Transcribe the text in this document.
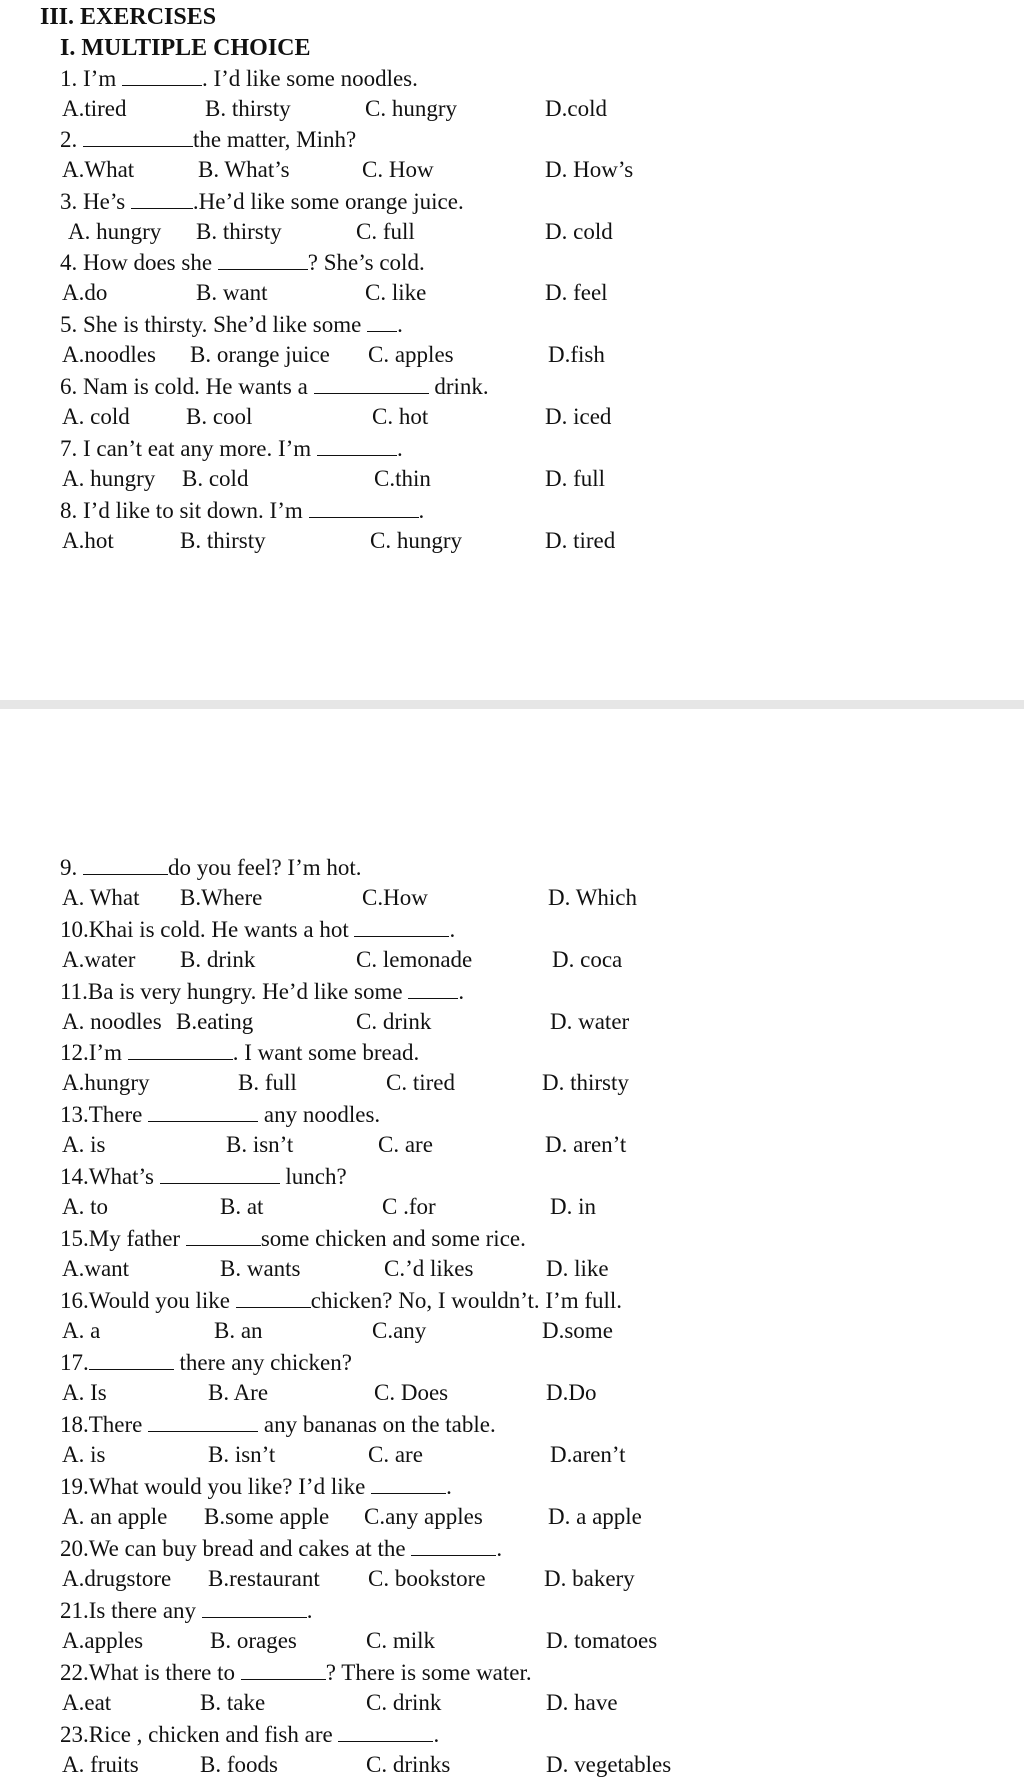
III. EXERCISES
I. MULTIPLE CHOICE
1. I’m	. I’d like some noodles.
A.tired	B. thirsty	C. hungry	D.cold
2.	the matter, Minh?
A.What	B. What’s	C. How	D. How’s
3. He’s	.He’d like some orange juice.
A. hungry B. thirsty	C. full	D. cold
4. How does she	? She’s cold.
A.do	B. want	C. like	D. feel
5. She is thirsty. She’d like some .
A.noodles B. orange juice C. apples	D.fish
6. Nam is cold. He wants a	drink.
A. cold B. cool	C. hot	D. iced
7. I can’t eat any more. I’m	.
A. hungry B. cold	C.thin	D. full
8. I’d like to sit down. I’m	.
A.hot	B. thirsty	C. hungry	D. tired
9.	do you feel? I’m hot.
A. What B.Where	C.How	D. Which
10.Khai is cold. He wants a hot	.
A.water B. drink	C. lemonade	D. coca
11.Ba is very hungry. He’d like some .
A. noodles B.eating	C. drink	D. water
12.I’m	. I want some bread.
A.hungry	B. full	C. tired	D. thirsty
13.There	any noodles.
A. is	B. isn’t	C. are	D. aren’t
14.What’s	lunch?
A. to	B. at	C .for	D. in
15.My father	some chicken and some rice.
A.want	B. wants	C.’d likes	D. like
16.Would you like	chicken? No, I wouldn’t. I’m full.
A. a	B. an	C.any	D.some
17.	there any chicken?
A. Is	B. Are	C. Does	D.Do
18.There	any bananas on the table.
A. is	B. isn’t	C. are	D.aren’t
19.What would you like? I’d like	.
A. an apple B.some apple C.any apples	D. a apple
20.We can buy bread and cakes at the	.
A.drugstore B.restaurant C. bookstore	D. bakery
21.Is there any	.
A.apples	B. orages	C. milk	D. tomatoes
22.What is there to	? There is some water.
A.eat	B. take	C. drink	D. have
23.Rice , chicken and fish are	.
A. fruits	B. foods	C. drinks	D. vegetables
